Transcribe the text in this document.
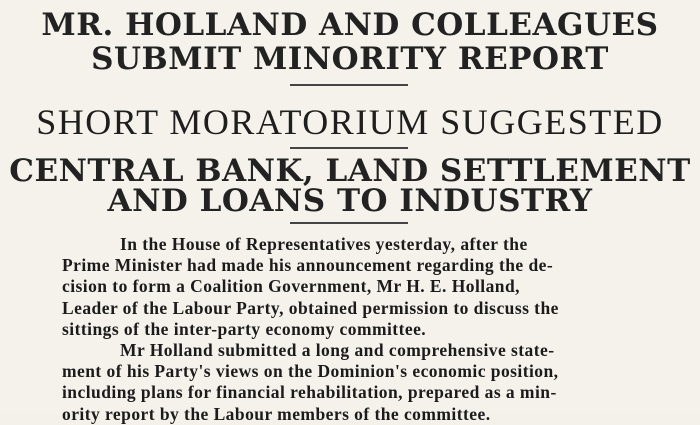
MR. HOLLAND AND COLLEAGUES
SUBMIT MINORITY REPORT
SHORT MORATORIUM SUGGESTED
CENTRAL BANK, LAND SETTLEMENT
AND LOANS TO INDUSTRY
In the House of Representatives yesterday, after the
Prime Minister had made his announcement regarding the de-
cision to form a Coalition Government, Mr H. E. Holland,
Leader of the Labour Party, obtained permission to discuss the
sittings of the inter-party economy committee.
Mr Holland submitted a long and comprehensive state-
ment of his Party's views on the Dominion's economic position,
including plans for financial rehabilitation, prepared as a min-
ority report by the Labour members of the committee.
